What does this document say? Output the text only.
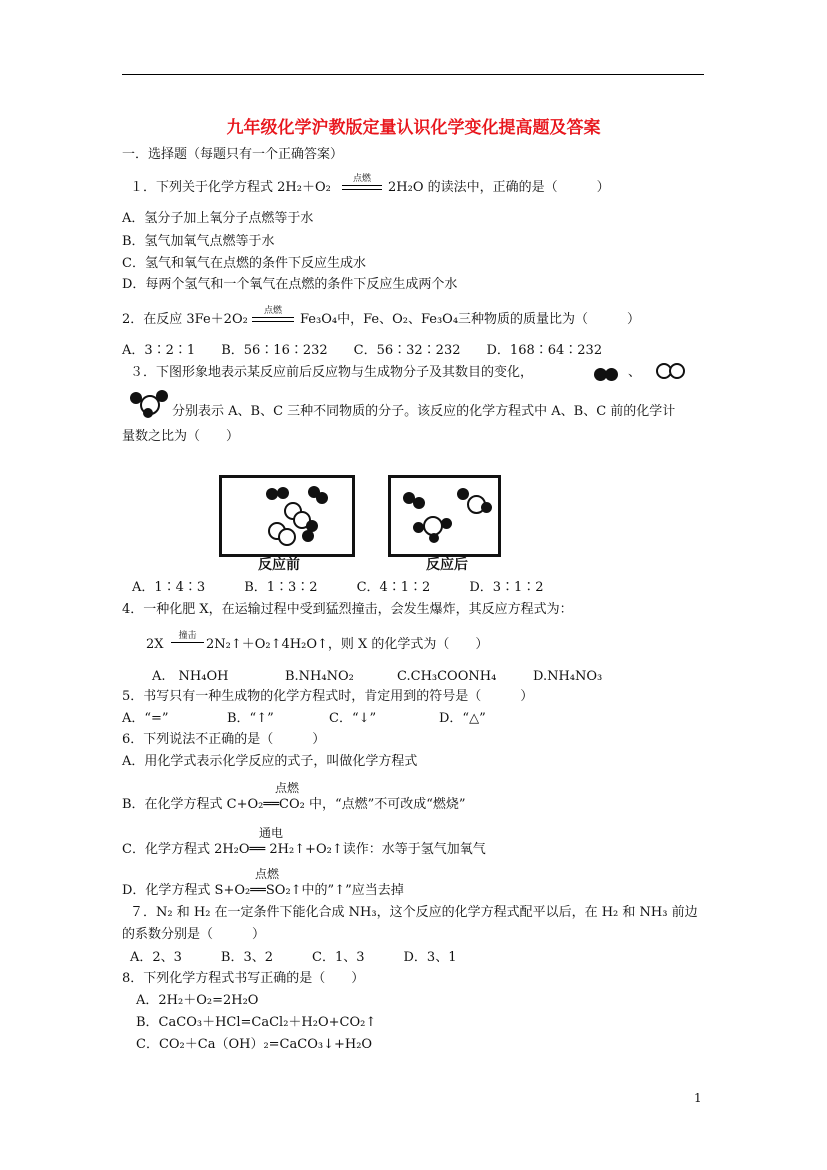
九年级化学沪教版定量认识化学变化提高题及答案
一．选择题（每题只有一个正确答案）
１．下列关于化学方程式 2H₂＋O₂
点燃
2H₂O 的读法中，正确的是（　　　）
A．氢分子加上氧分子点燃等于水
B．氢气加氧气点燃等于水
C．氢气和氧气在点燃的条件下反应生成水
D．每两个氢气和一个氧气在点燃的条件下反应生成两个水
2．在反应 3Fe＋2O₂
点燃
Fe₃O₄中，Fe、O₂、Fe₃O₄三种物质的质量比为（　　　）
A．3∶2∶1　　B．56∶16∶232　　C．56∶32∶232　　D．168∶64∶232
３．下图形象地表示某反应前后反应物与生成物分子及其数目的变化，	、
分别表示 A、B、C 三种不同物质的分子。该反应的化学方程式中 A、B、C 前的化学计
量数之比为（　　）
反应前	反应后
A．1∶4∶3　　　B．1∶3∶2　　　C．4∶1∶2　　　D．3∶1∶2
4．一种化肥 X，在运输过程中受到猛烈撞击，会发生爆炸，其反应方程式为：
2X
撞击
2N₂↑＋O₂↑4H₂O↑，则 X 的化学式为（　　）
A.　NH₄OH	B.NH₄NO₂	C.CH₃COONH₄	D.NH₄NO₃
5．书写只有一种生成物的化学方程式时，肯定用到的符号是（　　　）
A．“=”	B．“↑”	C．“↓”	D．“△”
6．下列说法不正确的是（　　　）
A．用化学式表示化学反应的式子，叫做化学方程式
点燃
B．在化学方程式 C+O₂══CO₂ 中，“点燃”不可改成“燃烧”
通电
C．化学方程式 2H₂O══ 2H₂↑+O₂↑读作：水等于氢气加氧气
点燃
D．化学方程式 S+O₂══SO₂↑中的”↑”应当去掉
７．N₂ 和 H₂ 在一定条件下能化合成 NH₃，这个反应的化学方程式配平以后，在 H₂ 和 NH₃ 前边
的系数分别是（　　　）
A．2、3　　　B．3、2　　　C．1、3　　　D．3、1
8．下列化学方程式书写正确的是（　　）
A．2H₂＋O₂=2H₂O
B．CaCO₃＋HCl=CaCl₂＋H₂O+CO₂↑
C．CO₂＋Ca（OH）₂=CaCO₃↓+H₂O
1
